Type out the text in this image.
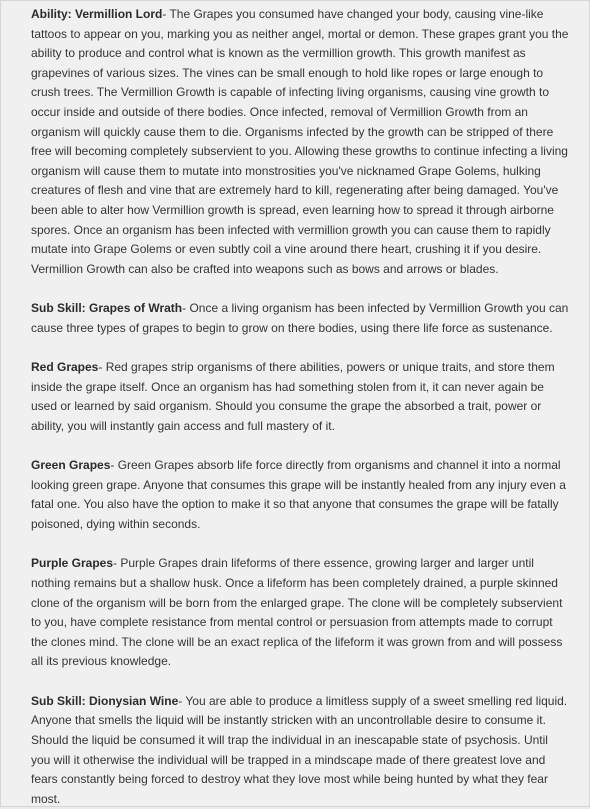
Ability: Vermillion Lord- The Grapes you consumed have changed your body, causing vine-like tattoos to appear on you, marking you as neither angel, mortal or demon. These grapes grant you the ability to produce and control what is known as the vermillion growth. This growth manifest as grapevines of various sizes. The vines can be small enough to hold like ropes or large enough to crush trees. The Vermillion Growth is capable of infecting living organisms, causing vine growth to occur inside and outside of there bodies. Once infected, removal of Vermillion Growth from an organism will quickly cause them to die. Organisms infected by the growth can be stripped of there free will becoming completely subservient to you. Allowing these growths to continue infecting a living organism will cause them to mutate into monstrosities you've nicknamed Grape Golems, hulking creatures of flesh and vine that are extremely hard to kill, regenerating after being damaged. You've been able to alter how Vermillion growth is spread, even learning how to spread it through airborne spores. Once an organism has been infected with vermillion growth you can cause them to rapidly mutate into Grape Golems or even subtly coil a vine around there heart, crushing it if you desire. Vermillion Growth can also be crafted into weapons such as bows and arrows or blades.

Sub Skill: Grapes of Wrath- Once a living organism has been infected by Vermillion Growth you can cause three types of grapes to begin to grow on there bodies, using there life force as sustenance.

Red Grapes- Red grapes strip organisms of there abilities, powers or unique traits, and store them inside the grape itself. Once an organism has had something stolen from it, it can never again be used or learned by said organism. Should you consume the grape the absorbed a trait, power or ability, you will instantly gain access and full mastery of it.

Green Grapes- Green Grapes absorb life force directly from organisms and channel it into a normal looking green grape. Anyone that consumes this grape will be instantly healed from any injury even a fatal one. You also have the option to make it so that anyone that consumes the grape will be fatally poisoned, dying within seconds.

Purple Grapes- Purple Grapes drain lifeforms of there essence, growing larger and larger until nothing remains but a shallow husk. Once a lifeform has been completely drained, a purple skinned clone of the organism will be born from the enlarged grape. The clone will be completely subservient to you, have complete resistance from mental control or persuasion from attempts made to corrupt the clones mind. The clone will be an exact replica of the lifeform it was grown from and will possess all its previous knowledge.

Sub Skill: Dionysian Wine- You are able to produce a limitless supply of a sweet smelling red liquid. Anyone that smells the liquid will be instantly stricken with an uncontrollable desire to consume it. Should the liquid be consumed it will trap the individual in an inescapable state of psychosis. Until you will it otherwise the individual will be trapped in a mindscape made of there greatest love and fears constantly being forced to destroy what they love most while being hunted by what they fear most.
